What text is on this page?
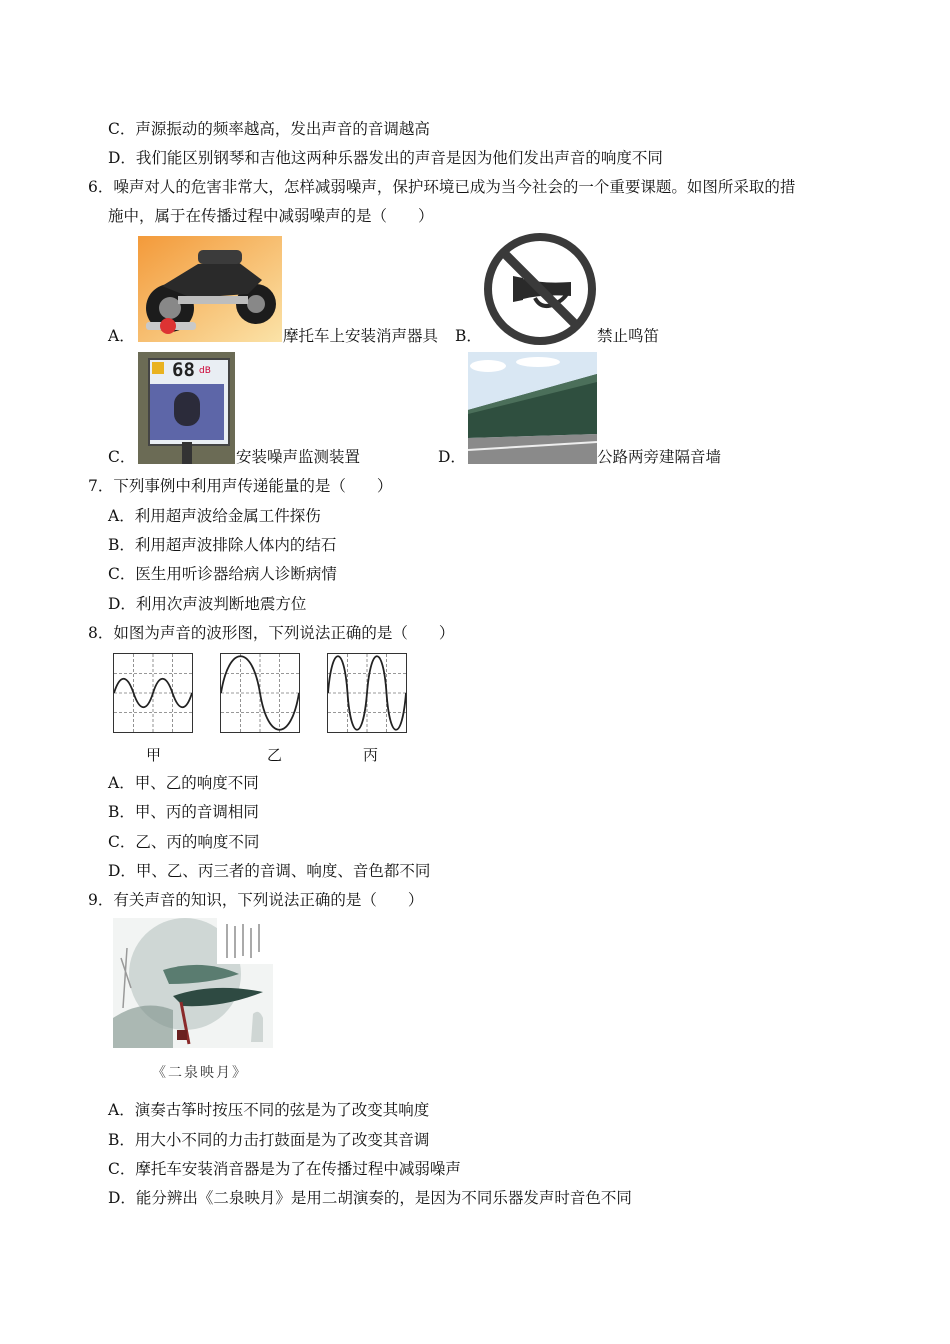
C．声源振动的频率越高，发出声音的音调越高
D．我们能区别钢琴和吉他这两种乐器发出的声音是因为他们发出声音的响度不同
6．噪声对人的危害非常大，怎样减弱噪声，保护环境已成为当今社会的一个重要课题。如图所采取的措
施中，属于在传播过程中减弱噪声的是（　　）
A．	摩托车上安装消声器具 B．	禁止鸣笛
C．
68 dB
安装噪声监测装置	D．	公路两旁建隔音墙
7．下列事例中利用声传递能量的是（　　）
A．利用超声波给金属工件探伤
B．利用超声波排除人体内的结石
C．医生用听诊器给病人诊断病情
D．利用次声波判断地震方位
8．如图为声音的波形图，下列说法正确的是（　　）
甲	乙	丙
A．甲、乙的响度不同
B．甲、丙的音调相同
C．乙、丙的响度不同
D．甲、乙、丙三者的音调、响度、音色都不同
9．有关声音的知识，下列说法正确的是（　　）
《二泉映月》
A．演奏古筝时按压不同的弦是为了改变其响度
B．用大小不同的力击打鼓面是为了改变其音调
C．摩托车安装消音器是为了在传播过程中减弱噪声
D．能分辨出《二泉映月》是用二胡演奏的，是因为不同乐器发声时音色不同
